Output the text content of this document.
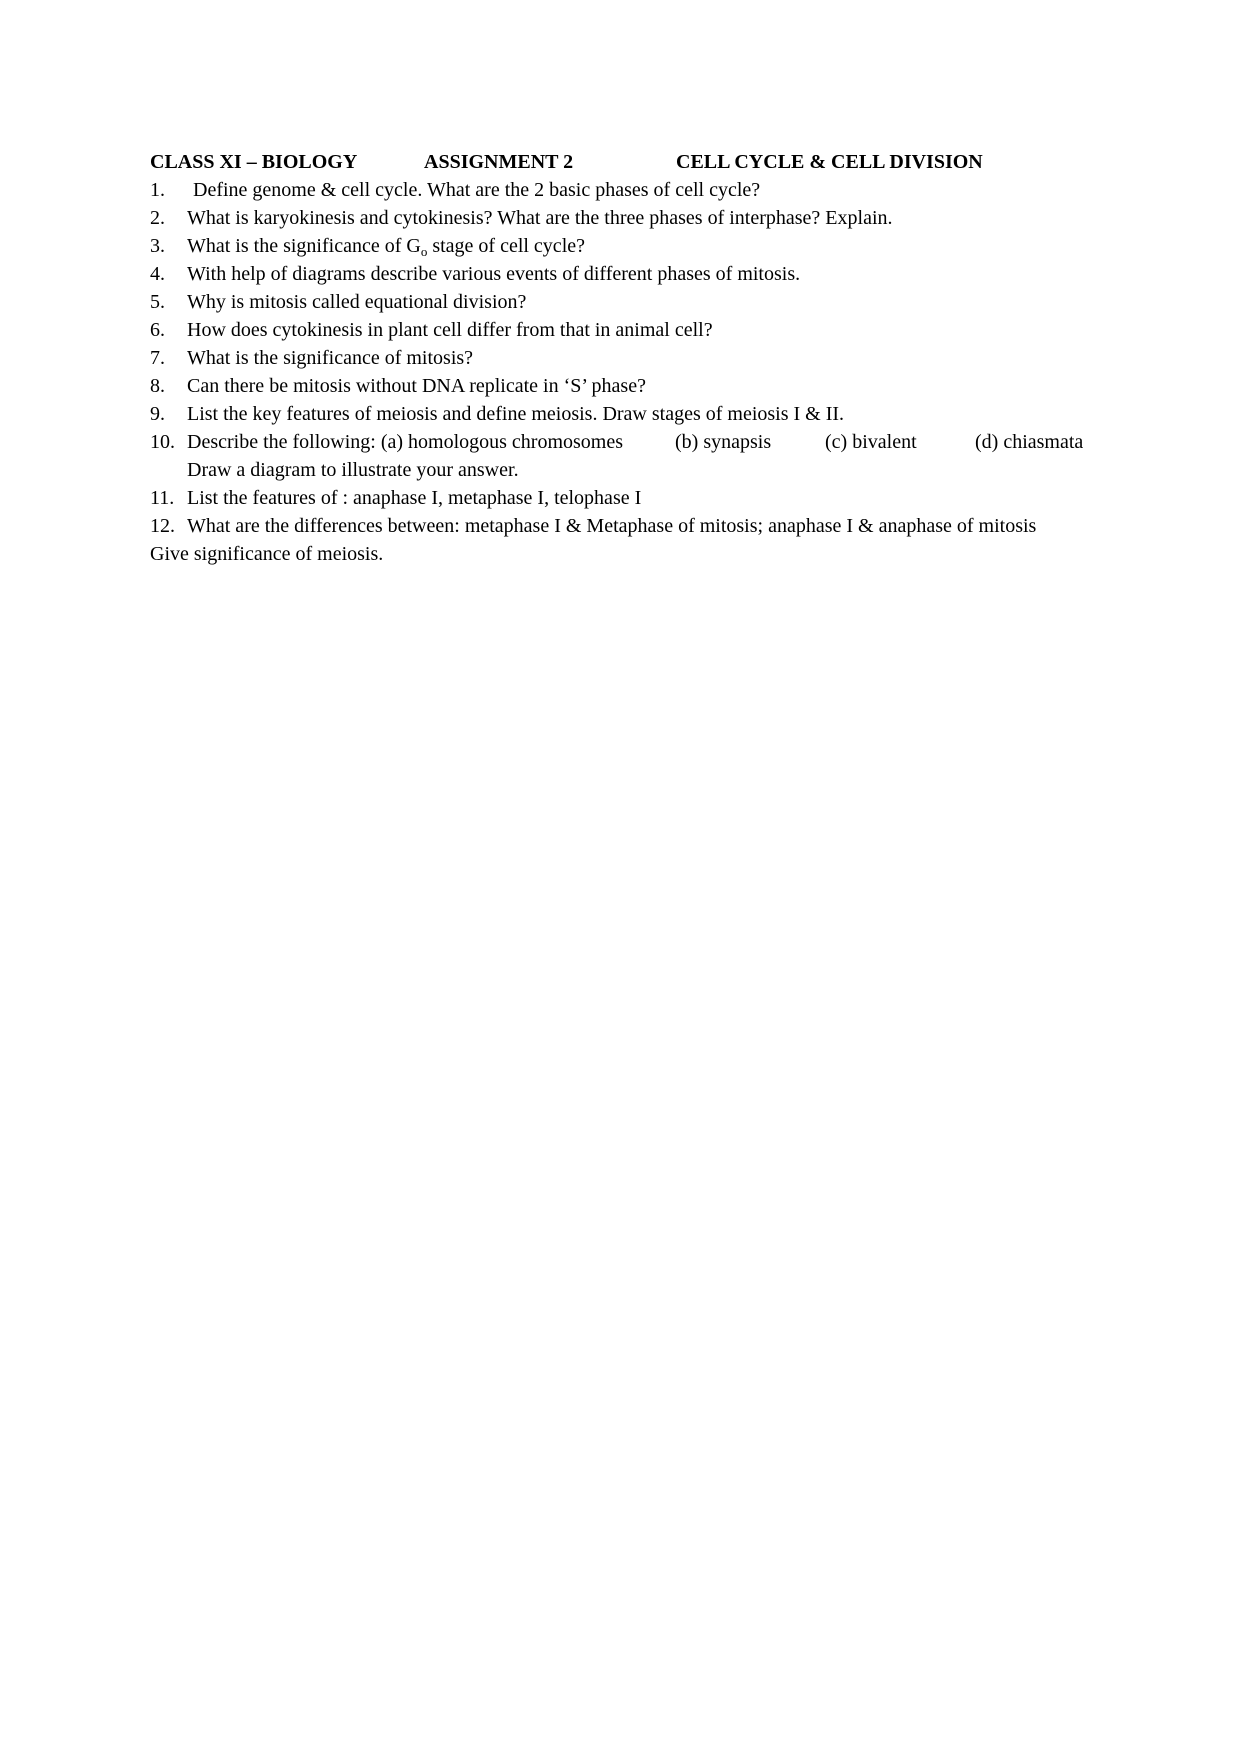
CLASS XI – BIOLOGY	ASSIGNMENT 2	CELL CYCLE & CELL DIVISION
1. Define genome & cell cycle. What are the 2 basic phases of cell cycle?
2. What is karyokinesis and cytokinesis? What are the three phases of interphase? Explain.
3. What is the significance of $G_o$ stage of cell cycle?
4. With help of diagrams describe various events of different phases of mitosis.
5. Why is mitosis called equational division?
6. How does cytokinesis in plant cell differ from that in animal cell?
7. What is the significance of mitosis?
8. Can there be mitosis without DNA replicate in ‘S’ phase?
9. List the key features of meiosis and define meiosis. Draw stages of meiosis I & II.
10. Describe the following: (a) homologous chromosomes	(b) synapsis	(c) bivalent	(d) chiasmata
Draw a diagram to illustrate your answer.
11. List the features of : anaphase I, metaphase I, telophase I
12. What are the differences between: metaphase I & Metaphase of mitosis; anaphase I & anaphase of mitosis
Give significance of meiosis.
